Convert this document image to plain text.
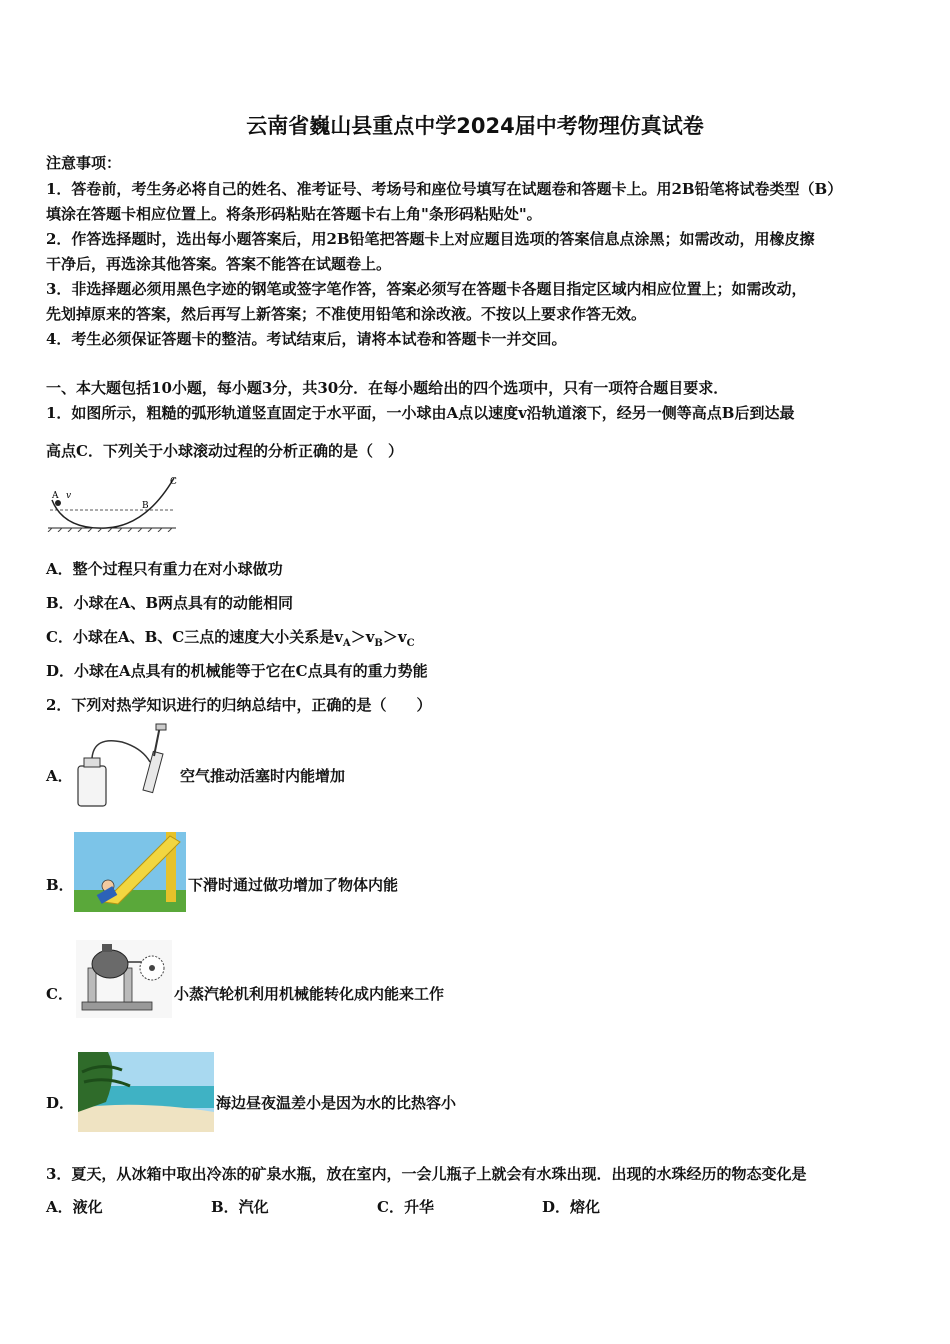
云南省巍山县重点中学2024届中考物理仿真试卷
注意事项：
1．答卷前，考生务必将自己的姓名、准考证号、考场号和座位号填写在试题卷和答题卡上。用2B铅笔将试卷类型（B）
填涂在答题卡相应位置上。将条形码粘贴在答题卡右上角"条形码粘贴处"。
2．作答选择题时，选出每小题答案后，用2B铅笔把答题卡上对应题目选项的答案信息点涂黑；如需改动，用橡皮擦
干净后，再选涂其他答案。答案不能答在试题卷上。
3．非选择题必须用黑色字迹的钢笔或签字笔作答，答案必须写在答题卡各题目指定区域内相应位置上；如需改动，
先划掉原来的答案，然后再写上新答案；不准使用铅笔和涂改液。不按以上要求作答无效。
4．考生必须保证答题卡的整洁。考试结束后，请将本试卷和答题卡一并交回。
一、本大题包括10小题，每小题3分，共30分．在每小题给出的四个选项中，只有一项符合题目要求．
1．如图所示，粗糙的弧形轨道竖直固定于水平面，一小球由A点以速度v沿轨道滚下，经另一侧等高点B后到达最
高点C．下列关于小球滚动过程的分析正确的是（　）
A v
B
C
A．整个过程只有重力在对小球做功
B．小球在A、B两点具有的动能相同
C．小球在A、B、C三点的速度大小关系是$v_A>v_B>v_C$
D．小球在A点具有的机械能等于它在C点具有的重力势能
2．下列对热学知识进行的归纳总结中，正确的是（　　）
A．	空气推动活塞时内能增加
B．	下滑时通过做功增加了物体内能
C．	小蒸汽轮机利用机械能转化成内能来工作
D．	海边昼夜温差小是因为水的比热容小
3．夏天，从冰箱中取出冷冻的矿泉水瓶，放在室内，一会儿瓶子上就会有水珠出现．出现的水珠经历的物态变化是
A．液化	B．汽化	C．升华	D．熔化
